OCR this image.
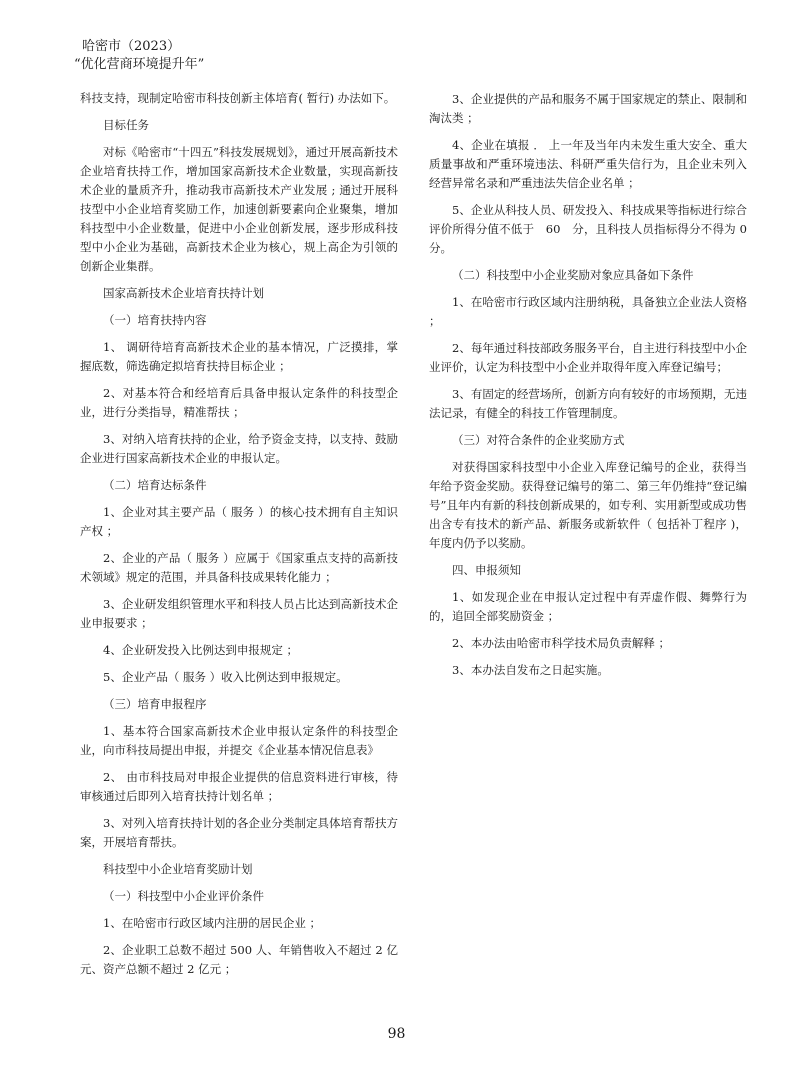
哈密市（2023）
“优化营商环境提升年”

科技支持，现制定哈密市科技创新主体培育( 暂行) 办法如下。

目标任务

对标《哈密市“十四五”科技发展规划》，通过开展高新技术企业培育扶持工作，增加国家高新技术企业数量，实现高新技术企业的量质齐升，推动我市高新技术产业发展 ; 通过开展科技型中小企业培育奖励工作，加速创新要素向企业聚集，增加科技型中小企业数量，促进中小企业创新发展，逐步形成科技型中小企业为基础，高新技术企业为核心，规上高企为引领的创新企业集群。

国家高新技术企业培育扶持计划

（一）培育扶持内容

1、 调研待培育高新技术企业的基本情况，广泛摸排，掌握底数，筛选确定拟培育扶持目标企业 ；

2、对基本符合和经培育后具备申报认定条件的科技型企业，进行分类指导，精准帮扶 ；

3、对纳入培育扶持的企业，给予资金支持，以支持、鼓励企业进行国家高新技术企业的申报认定。

（二）培育达标条件

1、企业对其主要产品（ 服务 ）的核心技术拥有自主知识产权 ；

2、企业的产品（ 服务 ）应属于《国家重点支持的高新技术领域》规定的范围，并具备科技成果转化能力 ；

3、企业研发组织管理水平和科技人员占比达到高新技术企业申报要求 ；

4、企业研发投入比例达到申报规定 ；

5、企业产品（ 服务 ）收入比例达到申报规定。

（三）培育申报程序

1、基本符合国家高新技术企业申报认定条件的科技型企业，向市科技局提出申报，并提交《企业基本情况信息表》

2、 由市科技局对申报企业提供的信息资料进行审核，待审核通过后即列入培育扶持计划名单 ；

3、对列入培育扶持计划的各企业分类制定具体培育帮扶方案，开展培育帮扶。

科技型中小企业培育奖励计划

（一）科技型中小企业评价条件

1、在哈密市行政区域内注册的居民企业 ；

2、企业职工总数不超过 500 人、年销售收入不超过 2 亿元、资产总额不超过 2 亿元 ；

3、企业提供的产品和服务不属于国家规定的禁止、限制和淘汰类 ；

4、企业在填报 ． 上一年及当年内未发生重大安全、重大质量事故和严重环境违法、科研严重失信行为，且企业未列入经营异常名录和严重违法失信企业名单 ；

5、企业从科技人员、研发投入、科技成果等指标进行综合评价所得分值不低于　60　分，且科技人员指标得分不得为 0 分。

（二）科技型中小企业奖励对象应具备如下条件

1、在哈密市行政区域内注册纳税，具备独立企业法人资格 ；

2、每年通过科技部政务服务平台，自主进行科技型中小企业评价，认定为科技型中小企业并取得年度入库登记编号；

3、有固定的经营场所，创新方向有较好的市场预期，无违法记录，有健全的科技工作管理制度。

（三）对符合条件的企业奖励方式

对获得国家科技型中小企业入库登记编号的企业，获得当年给予资金奖励。获得登记编号的第二、第三年仍维持“登记编号”且年内有新的科技创新成果的，如专利、实用新型或成功售出含专有技术的新产品、新服务或新软件（ 包括补丁程序 )，年度内仍予以奖励。

四、申报须知

1、如发现企业在申报认定过程中有弄虚作假、舞弊行为的，追回全部奖励资金 ；

2、本办法由哈密市科学技术局负责解释 ；

3、本办法自发布之日起实施。

98
